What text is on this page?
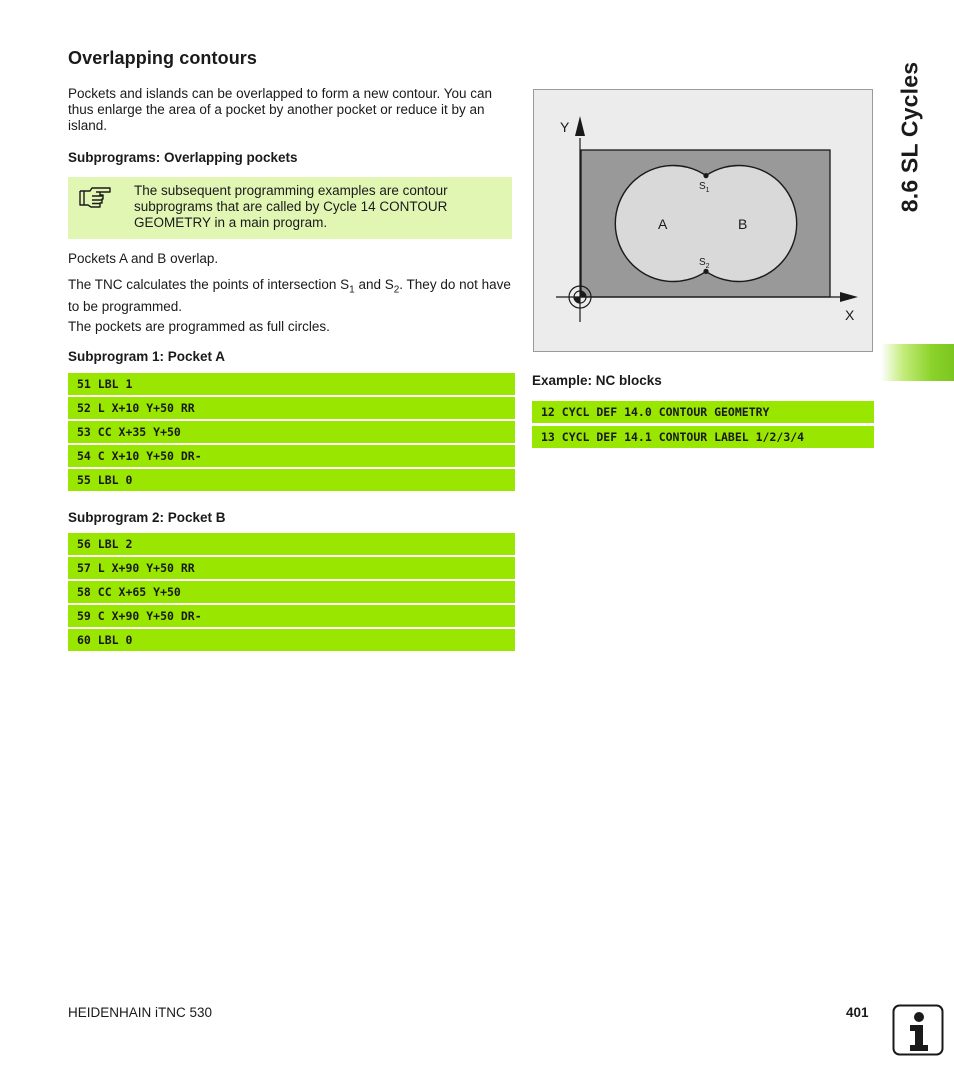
Overlapping contours

Pockets and islands can be overlapped to form a new contour. You can thus enlarge the area of a pocket by another pocket or reduce it by an island.

Subprograms: Overlapping pockets

The subsequent programming examples are contour subprograms that are called by Cycle 14 CONTOUR GEOMETRY in a main program.

Pockets A and B overlap.

The TNC calculates the points of intersection $S_1$ and $S_2$. They do not have to be programmed.

The pockets are programmed as full circles.

Subprogram 1: Pocket A

51 LBL 1
52 L X+10 Y+50 RR
53 CC X+35 Y+50
54 C X+10 Y+50 DR-
55 LBL 0

Subprogram 2: Pocket B

56 LBL 2
57 L X+90 Y+50 RR
58 CC X+65 Y+50
59 C X+90 Y+50 DR-
60 LBL 0
Y
X
A	B
$S_1$
$S_2$

Example: NC blocks

12 CYCL DEF 14.0 CONTOUR GEOMETRY
13 CYCL DEF 14.1 CONTOUR LABEL 1/2/3/4
8.6 SL Cycles
HEIDENHAIN iTNC 530	401
